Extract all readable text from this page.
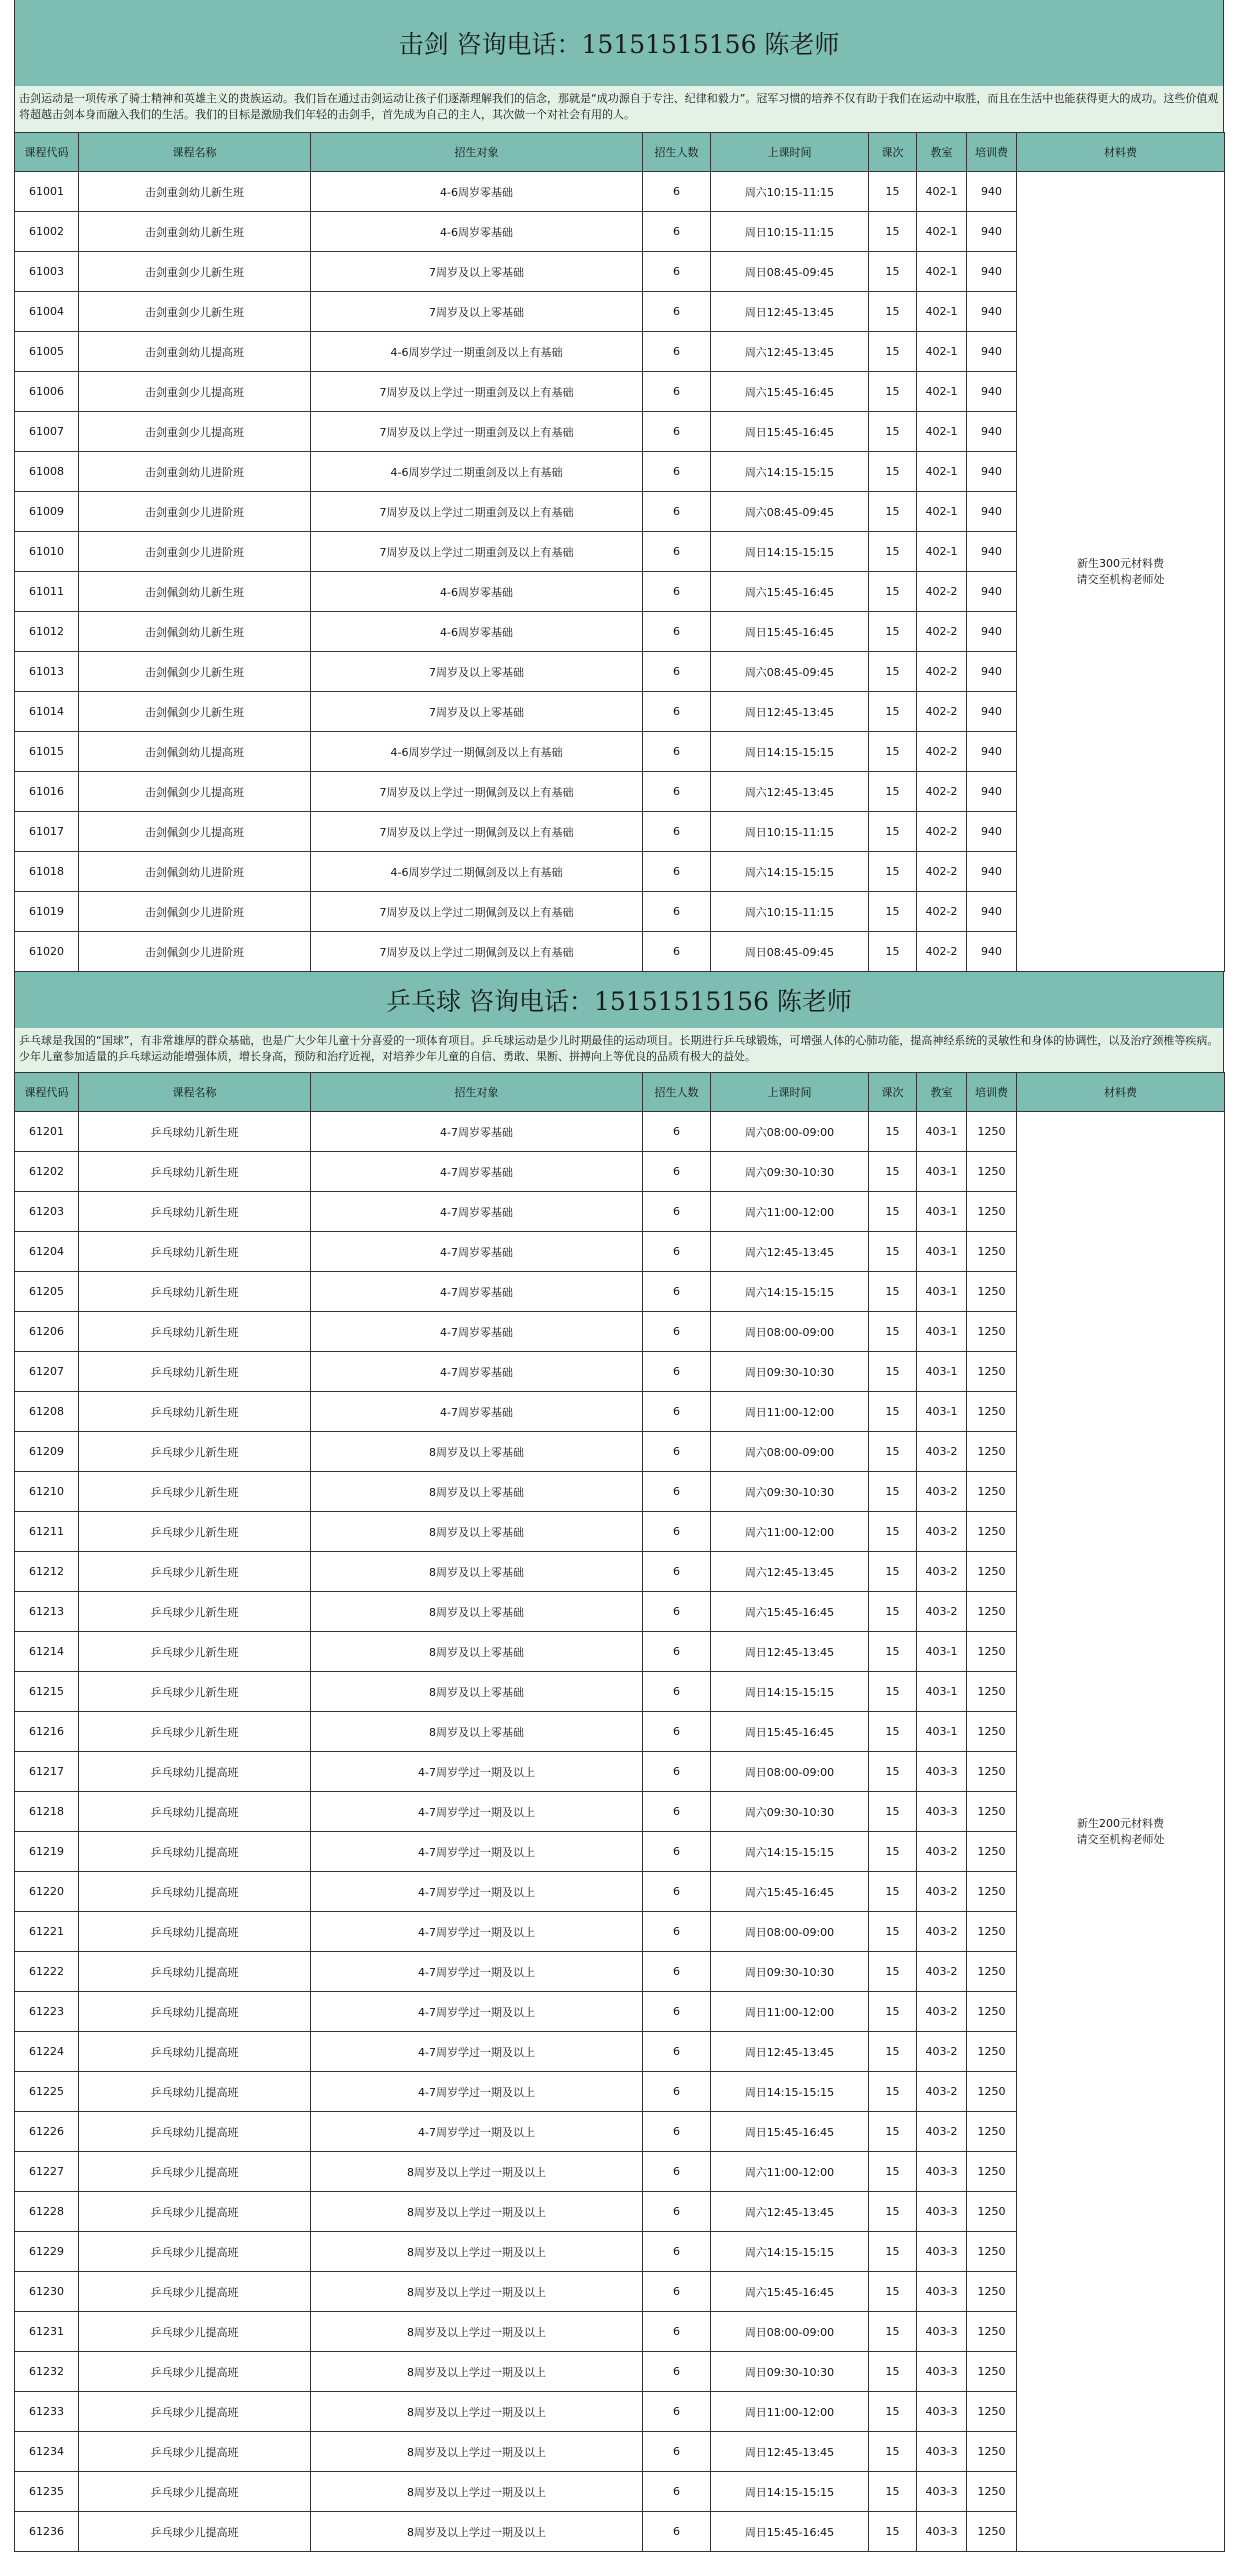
击剑 咨询电话：15151515156 陈老师
击剑运动是一项传承了骑士精神和英雄主义的贵族运动。我们旨在通过击剑运动让孩子们逐渐理解我们的信念，那就是“成功源自于专注、纪律和毅力”。冠军习惯的培养不仅有助于我们在运动中取胜，而且在生活中也能获得更大的成功。这些价值观将超越击剑本身而融入我们的生活。我们的目标是激励我们年轻的击剑手，首先成为自己的主人，其次做一个对社会有用的人。
课程代码	课程名称	招生对象	招生人数	上课时间	课次	教室	培训费	材料费
61001	击剑重剑幼儿新生班	4-6周岁零基础	6	周六10:15-11:15	15	402-1	940	新生300元材料费
请交至机构老师处

61002	击剑重剑幼儿新生班	4-6周岁零基础	6	周日10:15-11:15	15	402-1	940	
61003	击剑重剑少儿新生班	7周岁及以上零基础	6	周日08:45-09:45	15	402-1	940	
61004	击剑重剑少儿新生班	7周岁及以上零基础	6	周日12:45-13:45	15	402-1	940	
61005	击剑重剑幼儿提高班	4-6周岁学过一期重剑及以上有基础	6	周六12:45-13:45	15	402-1	940	
61006	击剑重剑少儿提高班	7周岁及以上学过一期重剑及以上有基础	6	周六15:45-16:45	15	402-1	940	
61007	击剑重剑少儿提高班	7周岁及以上学过一期重剑及以上有基础	6	周日15:45-16:45	15	402-1	940	
61008	击剑重剑幼儿进阶班	4-6周岁学过二期重剑及以上有基础	6	周六14:15-15:15	15	402-1	940	
61009	击剑重剑少儿进阶班	7周岁及以上学过二期重剑及以上有基础	6	周六08:45-09:45	15	402-1	940	
61010	击剑重剑少儿进阶班	7周岁及以上学过二期重剑及以上有基础	6	周日14:15-15:15	15	402-1	940	
61011	击剑佩剑幼儿新生班	4-6周岁零基础	6	周六15:45-16:45	15	402-2	940	
61012	击剑佩剑幼儿新生班	4-6周岁零基础	6	周日15:45-16:45	15	402-2	940	
61013	击剑佩剑少儿新生班	7周岁及以上零基础	6	周六08:45-09:45	15	402-2	940	
61014	击剑佩剑少儿新生班	7周岁及以上零基础	6	周日12:45-13:45	15	402-2	940	
61015	击剑佩剑幼儿提高班	4-6周岁学过一期佩剑及以上有基础	6	周日14:15-15:15	15	402-2	940	
61016	击剑佩剑少儿提高班	7周岁及以上学过一期佩剑及以上有基础	6	周六12:45-13:45	15	402-2	940	
61017	击剑佩剑少儿提高班	7周岁及以上学过一期佩剑及以上有基础	6	周日10:15-11:15	15	402-2	940	
61018	击剑佩剑幼儿进阶班	4-6周岁学过二期佩剑及以上有基础	6	周六14:15-15:15	15	402-2	940	
61019	击剑佩剑少儿进阶班	7周岁及以上学过二期佩剑及以上有基础	6	周六10:15-11:15	15	402-2	940	
61020	击剑佩剑少儿进阶班	7周岁及以上学过二期佩剑及以上有基础	6	周日08:45-09:45	15	402-2	940	
乒乓球 咨询电话：15151515156 陈老师
乒乓球是我国的“国球”，有非常雄厚的群众基础，也是广大少年儿童十分喜爱的一项体育项目。乒乓球运动是少儿时期最佳的运动项目。长期进行乒乓球锻炼，可增强人体的心肺功能，提高神经系统的灵敏性和身体的协调性，以及治疗颈椎等疾病。少年儿童参加适量的乒乓球运动能增强体质，增长身高，预防和治疗近视，对培养少年儿童的自信、勇敢、果断、拼搏向上等优良的品质有极大的益处。
课程代码	课程名称	招生对象	招生人数	上课时间	课次	教室	培训费	材料费
61201	乒乓球幼儿新生班	4-7周岁零基础	6	周六08:00-09:00	15	403-1	1250	新生200元材料费
请交至机构老师处

61202	乒乓球幼儿新生班	4-7周岁零基础	6	周六09:30-10:30	15	403-1	1250	
61203	乒乓球幼儿新生班	4-7周岁零基础	6	周六11:00-12:00	15	403-1	1250	
61204	乒乓球幼儿新生班	4-7周岁零基础	6	周六12:45-13:45	15	403-1	1250	
61205	乒乓球幼儿新生班	4-7周岁零基础	6	周六14:15-15:15	15	403-1	1250	
61206	乒乓球幼儿新生班	4-7周岁零基础	6	周日08:00-09:00	15	403-1	1250	
61207	乒乓球幼儿新生班	4-7周岁零基础	6	周日09:30-10:30	15	403-1	1250	
61208	乒乓球幼儿新生班	4-7周岁零基础	6	周日11:00-12:00	15	403-1	1250	
61209	乒乓球少儿新生班	8周岁及以上零基础	6	周六08:00-09:00	15	403-2	1250	
61210	乒乓球少儿新生班	8周岁及以上零基础	6	周六09:30-10:30	15	403-2	1250	
61211	乒乓球少儿新生班	8周岁及以上零基础	6	周六11:00-12:00	15	403-2	1250	
61212	乒乓球少儿新生班	8周岁及以上零基础	6	周六12:45-13:45	15	403-2	1250	
61213	乒乓球少儿新生班	8周岁及以上零基础	6	周六15:45-16:45	15	403-2	1250	
61214	乒乓球少儿新生班	8周岁及以上零基础	6	周日12:45-13:45	15	403-1	1250	
61215	乒乓球少儿新生班	8周岁及以上零基础	6	周日14:15-15:15	15	403-1	1250	
61216	乒乓球少儿新生班	8周岁及以上零基础	6	周日15:45-16:45	15	403-1	1250	
61217	乒乓球幼儿提高班	4-7周岁学过一期及以上	6	周日08:00-09:00	15	403-3	1250	
61218	乒乓球幼儿提高班	4-7周岁学过一期及以上	6	周六09:30-10:30	15	403-3	1250	
61219	乒乓球幼儿提高班	4-7周岁学过一期及以上	6	周六14:15-15:15	15	403-2	1250	
61220	乒乓球幼儿提高班	4-7周岁学过一期及以上	6	周六15:45-16:45	15	403-2	1250	
61221	乒乓球幼儿提高班	4-7周岁学过一期及以上	6	周日08:00-09:00	15	403-2	1250	
61222	乒乓球幼儿提高班	4-7周岁学过一期及以上	6	周日09:30-10:30	15	403-2	1250	
61223	乒乓球幼儿提高班	4-7周岁学过一期及以上	6	周日11:00-12:00	15	403-2	1250	
61224	乒乓球幼儿提高班	4-7周岁学过一期及以上	6	周日12:45-13:45	15	403-2	1250	
61225	乒乓球幼儿提高班	4-7周岁学过一期及以上	6	周日14:15-15:15	15	403-2	1250	
61226	乒乓球幼儿提高班	4-7周岁学过一期及以上	6	周日15:45-16:45	15	403-2	1250	
61227	乒乓球少儿提高班	8周岁及以上学过一期及以上	6	周六11:00-12:00	15	403-3	1250	
61228	乒乓球少儿提高班	8周岁及以上学过一期及以上	6	周六12:45-13:45	15	403-3	1250	
61229	乒乓球少儿提高班	8周岁及以上学过一期及以上	6	周六14:15-15:15	15	403-3	1250	
61230	乒乓球少儿提高班	8周岁及以上学过一期及以上	6	周六15:45-16:45	15	403-3	1250	
61231	乒乓球少儿提高班	8周岁及以上学过一期及以上	6	周日08:00-09:00	15	403-3	1250	
61232	乒乓球少儿提高班	8周岁及以上学过一期及以上	6	周日09:30-10:30	15	403-3	1250	
61233	乒乓球少儿提高班	8周岁及以上学过一期及以上	6	周日11:00-12:00	15	403-3	1250	
61234	乒乓球少儿提高班	8周岁及以上学过一期及以上	6	周日12:45-13:45	15	403-3	1250	
61235	乒乓球少儿提高班	8周岁及以上学过一期及以上	6	周日14:15-15:15	15	403-3	1250	
61236	乒乓球少儿提高班	8周岁及以上学过一期及以上	6	周日15:45-16:45	15	403-3	1250	
